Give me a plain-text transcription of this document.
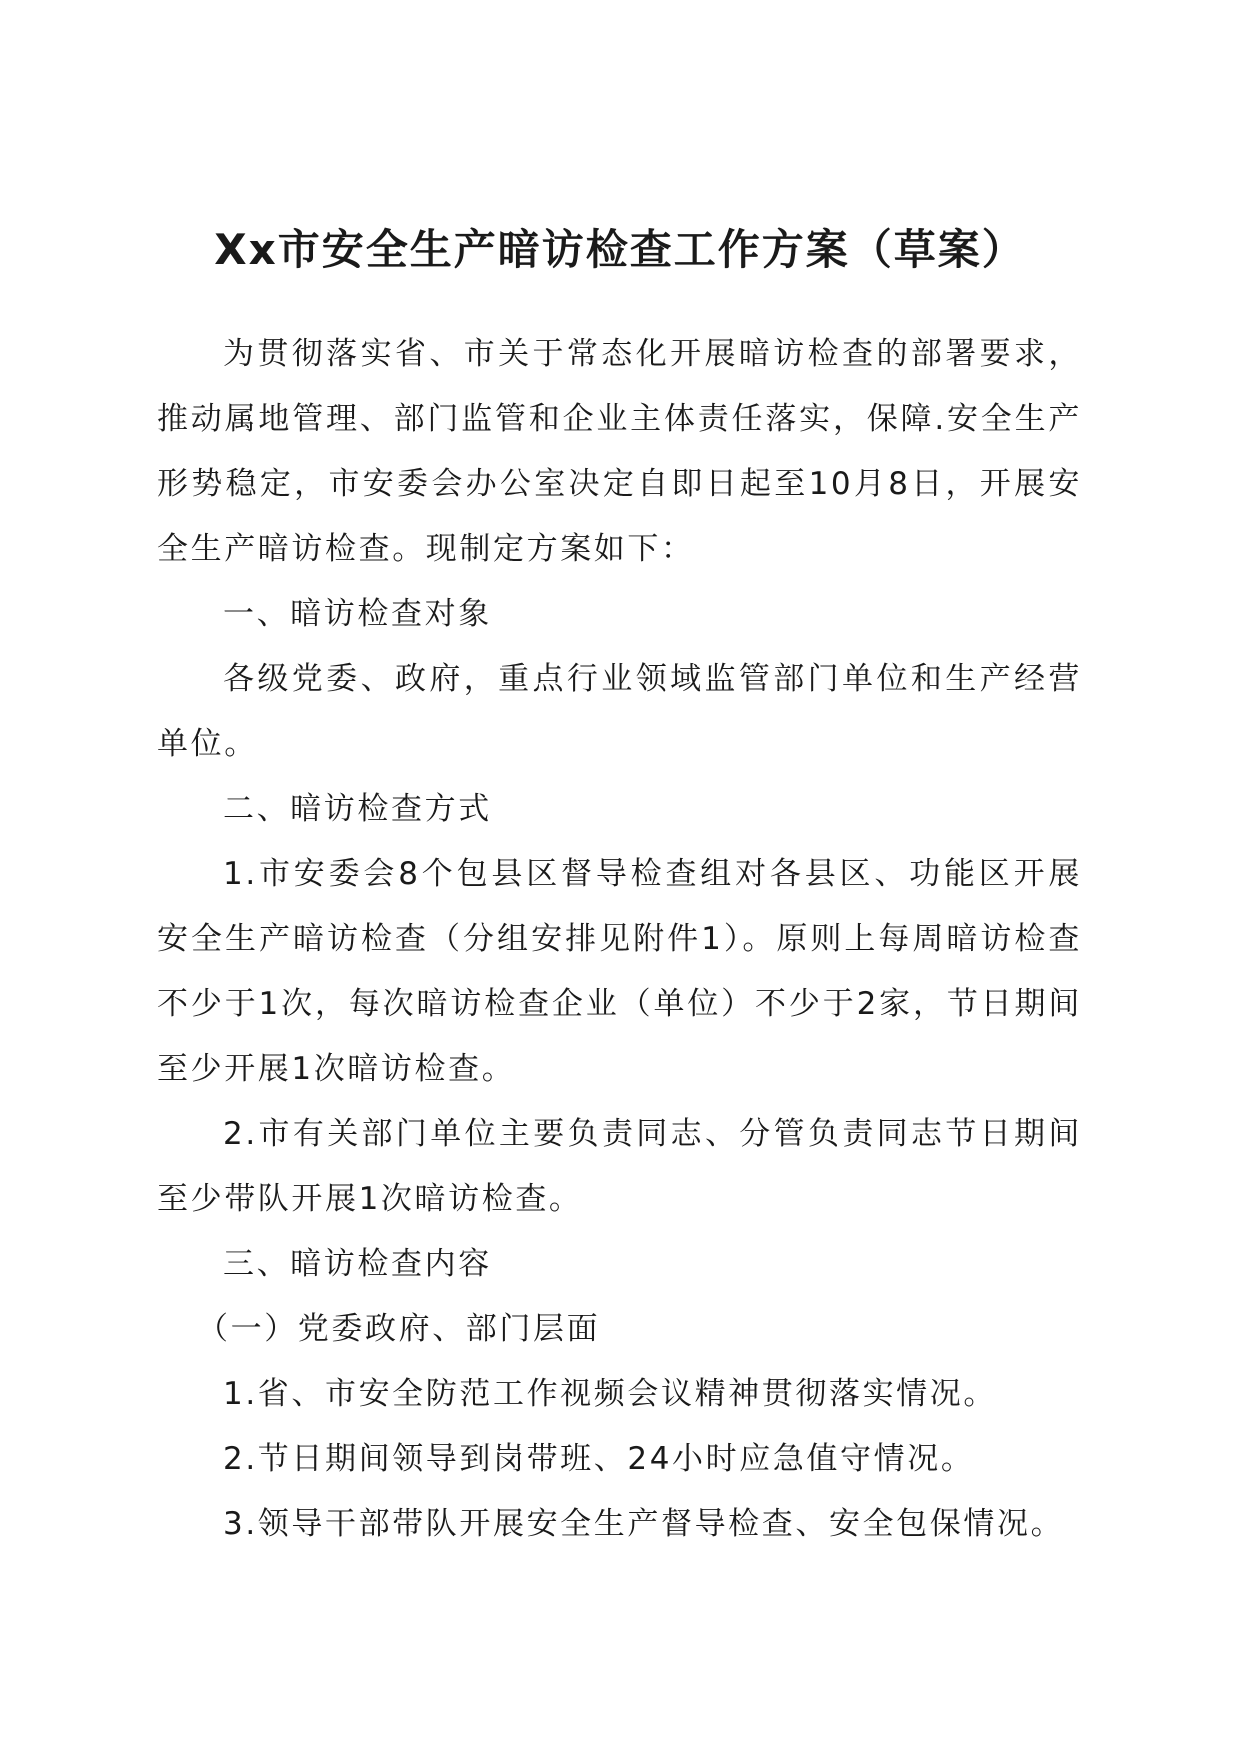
Xx市安全生产暗访检查工作方案（草案）

为贯彻落实省、市关于常态化开展暗访检查的部署要求，推动属地管理、部门监管和企业主体责任落实，保障.安全生产形势稳定，市安委会办公室决定自即日起至10月8日，开展安全生产暗访检查。现制定方案如下：

一、暗访检查对象

各级党委、政府，重点行业领域监管部门单位和生产经营单位。

二、暗访检查方式

1.市安委会8个包县区督导检查组对各县区、功能区开展安全生产暗访检查（分组安排见附件1）。原则上每周暗访检查不少于1次，每次暗访检查企业（单位）不少于2家，节日期间至少开展1次暗访检查。

2.市有关部门单位主要负责同志、分管负责同志节日期间至少带队开展1次暗访检查。

三、暗访检查内容

（一）党委政府、部门层面

1.省、市安全防范工作视频会议精神贯彻落实情况。

2.节日期间领导到岗带班、24小时应急值守情况。

3.领导干部带队开展安全生产督导检查、安全包保情况。
